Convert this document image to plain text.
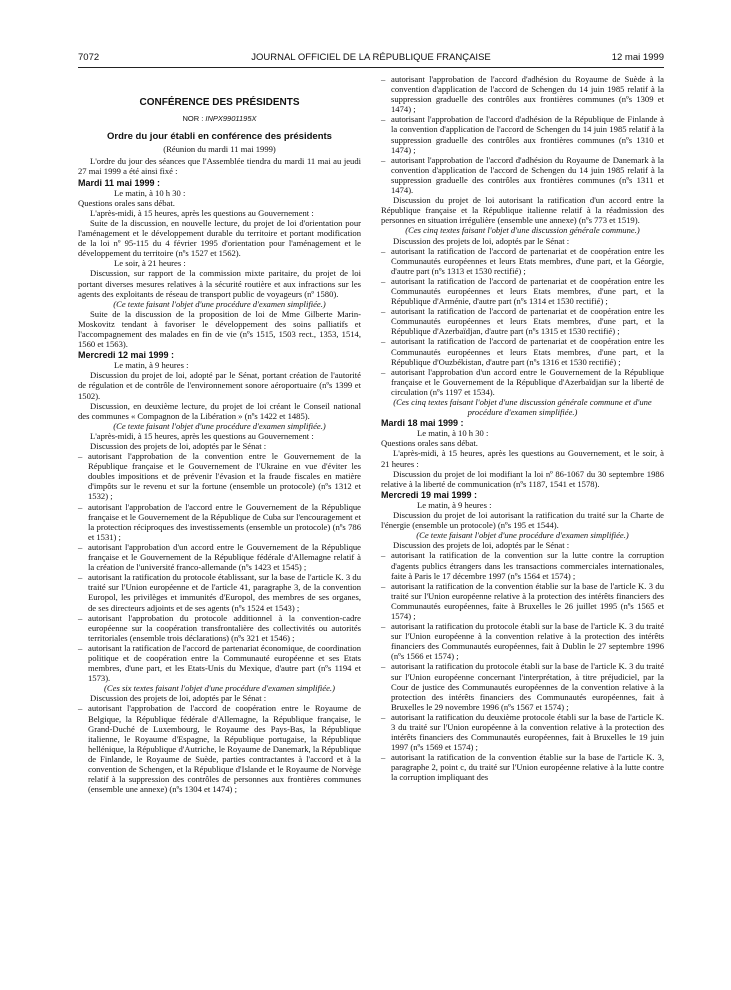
7072	JOURNAL OFFICIEL DE LA RÉPUBLIQUE FRANÇAISE	12 mai 1999
CONFÉRENCE DES PRÉSIDENTS
NOR : INPX9901195X
Ordre du jour établi en conférence des présidents
(Réunion du mardi 11 mai 1999)

L'ordre du jour des séances que l'Assemblée tiendra du mardi 11 mai au jeudi 27 mai 1999 a été ainsi fixé :

Mardi 11 mai 1999 :

Le matin, à 10 h 30 :

Questions orales sans débat.

L'après-midi, à 15 heures, après les questions au Gouvernement :

Suite de la discussion, en nouvelle lecture, du projet de loi d'orientation pour l'aménagement et le développement durable du territoire et portant modification de la loi nº 95-115 du 4 février 1995 d'orientation pour l'aménagement et le développement du territoire (nºs 1527 et 1562).

Le soir, à 21 heures :

Discussion, sur rapport de la commission mixte paritaire, du projet de loi portant diverses mesures relatives à la sécurité routière et aux infractions sur les agents des exploitants de réseau de transport public de voyageurs (nº 1580).

(Ce texte faisant l'objet d'une procédure d'examen simplifiée.)

Suite de la discussion de la proposition de loi de Mme Gilberte Marin-Moskovitz tendant à favoriser le développement des soins palliatifs et l'accompagnement des malades en fin de vie (nºs 1515, 1503 rect., 1353, 1514, 1560 et 1563).

Mercredi 12 mai 1999 :

Le matin, à 9 heures :

Discussion du projet de loi, adopté par le Sénat, portant création de l'autorité de régulation et de contrôle de l'environnement sonore aéroportuaire (nºs 1399 et 1502).

Discussion, en deuxième lecture, du projet de loi créant le Conseil national des communes « Compagnon de la Libération » (nºs 1422 et 1485).

(Ce texte faisant l'objet d'une procédure d'examen simplifiée.)

L'après-midi, à 15 heures, après les questions au Gouvernement :

Discussion des projets de loi, adoptés par le Sénat :

– autorisant l'approbation de la convention entre le Gouvernement de la République française et le Gouvernement de l'Ukraine en vue d'éviter les doubles impositions et de prévenir l'évasion et la fraude fiscales en matière d'impôts sur le revenu et sur la fortune (ensemble un protocole) (nºs 1312 et 1532) ;
– autorisant l'approbation de l'accord entre le Gouvernement de la République française et le Gouvernement de la République de Cuba sur l'encouragement et la protection réciproques des investissements (ensemble un protocole) (nºs 786 et 1531) ;
– autorisant l'approbation d'un accord entre le Gouvernement de la République française et le Gouvernement de la République fédérale d'Allemagne relatif à la création de l'université franco-allemande (nºs 1423 et 1545) ;
– autorisant la ratification du protocole établissant, sur la base de l'article K. 3 du traité sur l'Union européenne et de l'article 41, paragraphe 3, de la convention Europol, les privilèges et immunités d'Europol, des membres de ses organes, de ses directeurs adjoints et de ses agents (nºs 1524 et 1543) ;
– autorisant l'approbation du protocole additionnel à la convention-cadre européenne sur la coopération transfrontalière des collectivités ou autorités territoriales (ensemble trois déclarations) (nºs 321 et 1546) ;
– autorisant la ratification de l'accord de partenariat économique, de coordination politique et de coopération entre la Communauté européenne et ses Etats membres, d'une part, et les Etats-Unis du Mexique, d'autre part (nºs 1194 et 1573).
(Ces six textes faisant l'objet d'une procédure d'examen simplifiée.)

Discussion des projets de loi, adoptés par le Sénat :

– autorisant l'approbation de l'accord de coopération entre le Royaume de Belgique, la République fédérale d'Allemagne, la République française, le Grand-Duché de Luxembourg, le Royaume des Pays-Bas, la République italienne, le Royaume d'Espagne, la République portugaise, la République hellénique, la République d'Autriche, le Royaume de Danemark, la République de Finlande, le Royaume de Suède, parties contractantes à l'accord et à la convention de Schengen, et la République d'Islande et le Royaume de Norvège relatif à la suppression des contrôles de personnes aux frontières communes (ensemble une annexe) (nºs 1304 et 1474) ;
– autorisant l'approbation de l'accord d'adhésion du Royaume de Suède à la convention d'application de l'accord de Schengen du 14 juin 1985 relatif à la suppression graduelle des contrôles aux frontières communes (nºs 1309 et 1474) ;
– autorisant l'approbation de l'accord d'adhésion de la République de Finlande à la convention d'application de l'accord de Schengen du 14 juin 1985 relatif à la suppression graduelle des contrôles aux frontières communes (nºs 1310 et 1474) ;
– autorisant l'approbation de l'accord d'adhésion du Royaume de Danemark à la convention d'application de l'accord de Schengen du 14 juin 1985 relatif à la suppression graduelle des contrôles aux frontières communes (nºs 1311 et 1474).

Discussion du projet de loi autorisant la ratification d'un accord entre la République française et la République italienne relatif à la réadmission des personnes en situation irrégulière (ensemble une annexe) (nºs 773 et 1519).

(Ces cinq textes faisant l'objet d'une discussion générale commune.)

Discussion des projets de loi, adoptés par le Sénat :

– autorisant la ratification de l'accord de partenariat et de coopération entre les Communautés européennes et leurs Etats membres, d'une part, et la Géorgie, d'autre part (nºs 1313 et 1530 rectifié) ;
– autorisant la ratification de l'accord de partenariat et de coopération entre les Communautés européennes et leurs Etats membres, d'une part, et la République d'Arménie, d'autre part (nºs 1314 et 1530 rectifié) ;
– autorisant la ratification de l'accord de partenariat et de coopération entre les Communautés européennes et leurs Etats membres, d'une part, et la République d'Azerbaïdjan, d'autre part (nºs 1315 et 1530 rectifié) ;
– autorisant la ratification de l'accord de partenariat et de coopération entre les Communautés européennes et leurs Etats membres, d'une part, et la République d'Ouzbékistan, d'autre part (nºs 1316 et 1530 rectifié) ;
– autorisant l'approbation d'un accord entre le Gouvernement de la République française et le Gouvernement de la République d'Azerbaïdjan sur la liberté de circulation (nºs 1197 et 1534).
(Ces cinq textes faisant l'objet d'une discussion générale commune et d'une procédure d'examen simplifiée.)
Mardi 18 mai 1999 :

Le matin, à 10 h 30 :

Questions orales sans débat.

L'après-midi, à 15 heures, après les questions au Gouvernement, et le soir, à 21 heures :

Discussion du projet de loi modifiant la loi nº 86-1067 du 30 septembre 1986 relative à la liberté de communication (nºs 1187, 1541 et 1578).

Mercredi 19 mai 1999 :

Le matin, à 9 heures :

Discussion du projet de loi autorisant la ratification du traité sur la Charte de l'énergie (ensemble un protocole) (nºs 195 et 1544).

(Ce texte faisant l'objet d'une procédure d'examen simplifiée.)

Discussion des projets de loi, adoptés par le Sénat :

– autorisant la ratification de la convention sur la lutte contre la corruption d'agents publics étrangers dans les transactions commerciales internationales, faite à Paris le 17 décembre 1997 (nºs 1564 et 1574) ;
– autorisant la ratification de la convention établie sur la base de l'article K. 3 du traité sur l'Union européenne relative à la protection des intérêts financiers des Communautés européennes, faite à Bruxelles le 26 juillet 1995 (nºs 1565 et 1574) ;
– autorisant la ratification du protocole établi sur la base de l'article K. 3 du traité sur l'Union européenne à la convention relative à la protection des intérêts financiers des Communautés européennes, fait à Dublin le 27 septembre 1996 (nºs 1566 et 1574) ;
– autorisant la ratification du protocole établi sur la base de l'article K. 3 du traité sur l'Union européenne concernant l'interprétation, à titre préjudiciel, par la Cour de justice des Communautés européennes de la convention relative à la protection des intérêts financiers des Communautés européennes, fait à Bruxelles le 29 novembre 1996 (nºs 1567 et 1574) ;
– autorisant la ratification du deuxième protocole établi sur la base de l'article K. 3 du traité sur l'Union européenne à la convention relative à la protection des intérêts financiers des Communautés européennes, fait à Bruxelles le 19 juin 1997 (nºs 1569 et 1574) ;
– autorisant la ratification de la convention établie sur la base de l'article K. 3, paragraphe 2, point c, du traité sur l'Union européenne relative à la lutte contre la corruption impliquant des
